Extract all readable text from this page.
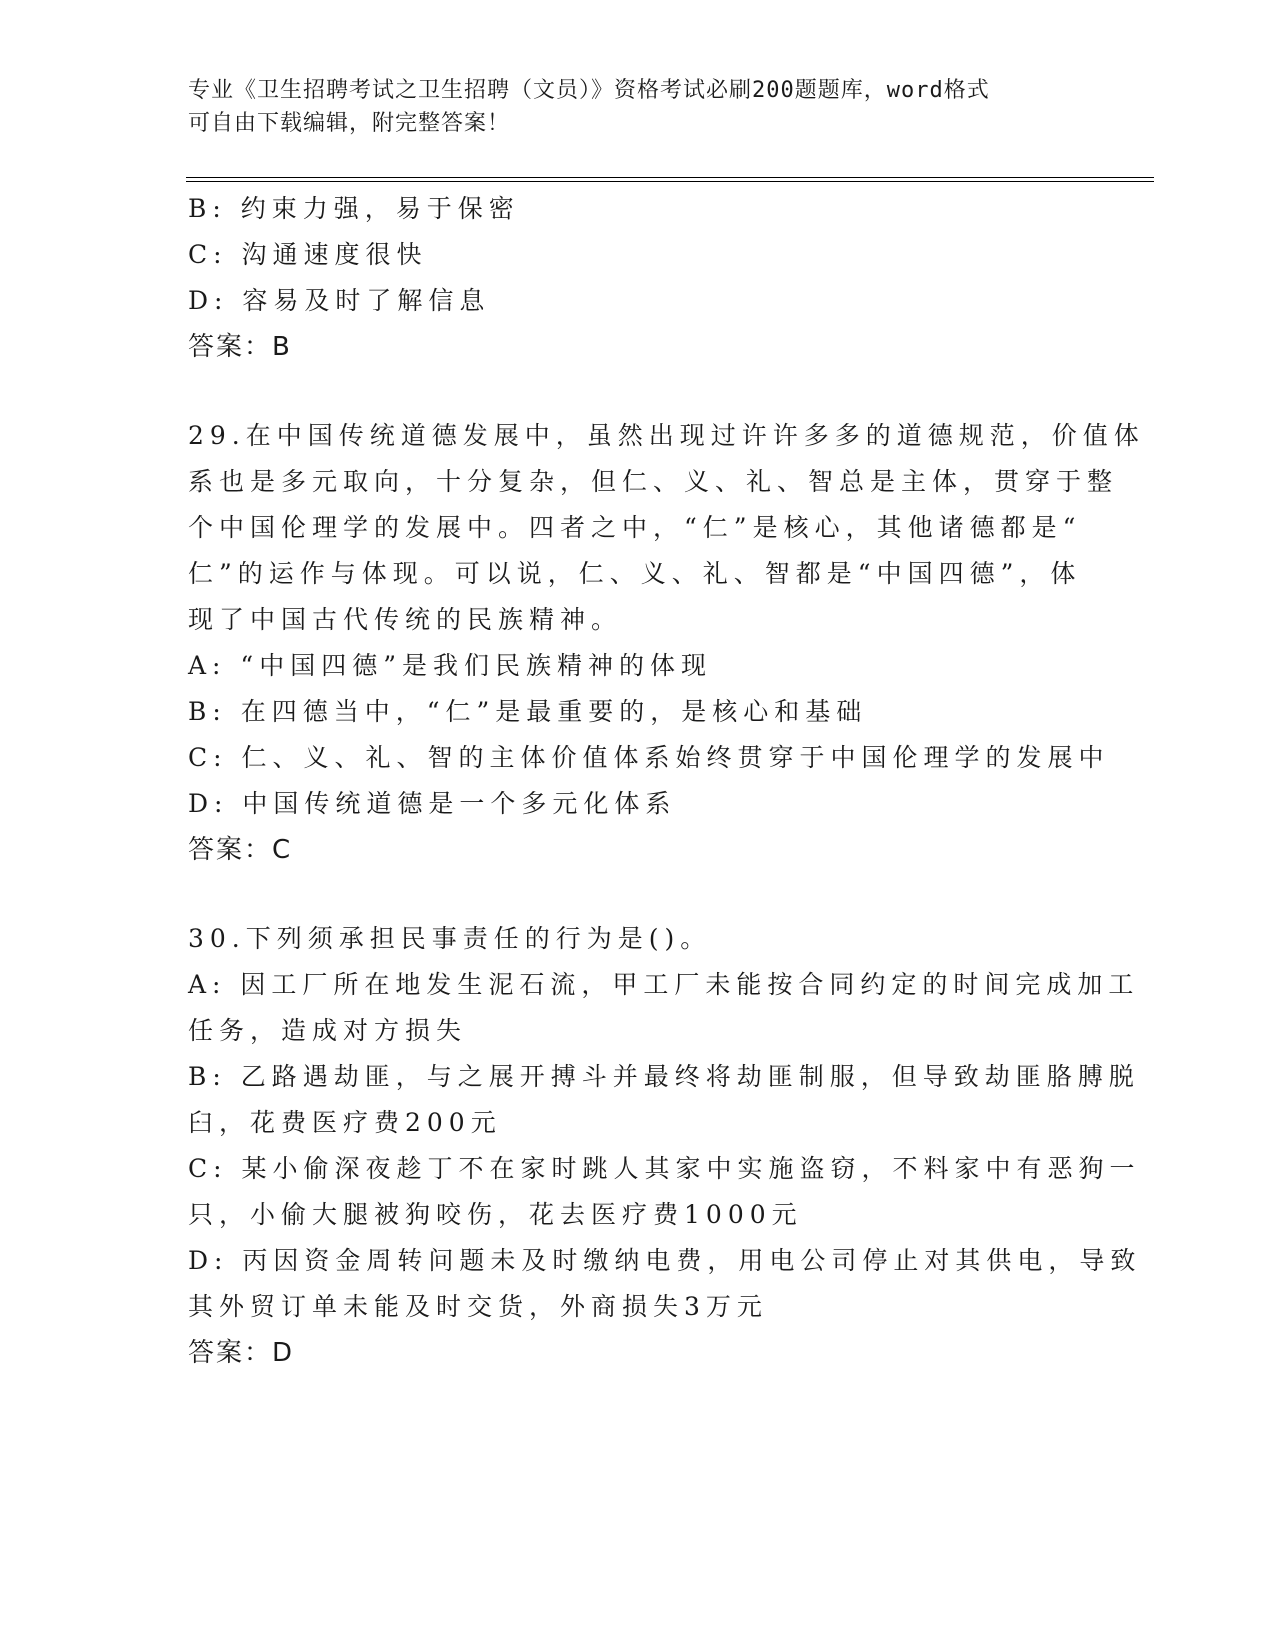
专业《卫生招聘考试之卫生招聘（文员）》资格考试必刷200题题库，word格式
可自由下载编辑，附完整答案！
B: 约束力强，易于保密
C: 沟通速度很快
D: 容易及时了解信息
答案：B
29.在中国传统道德发展中，虽然出现过许许多多的道德规范，价值体
系也是多元取向，十分复杂，但仁、义、礼、智总是主体，贯穿于整
个中国伦理学的发展中。四者之中，“仁”是核心，其他诸德都是“
仁”的运作与体现。可以说，仁、义、礼、智都是“中国四德”，体
现了中国古代传统的民族精神。
A: “中国四德”是我们民族精神的体现
B: 在四德当中，“仁”是最重要的，是核心和基础
C: 仁、义、礼、智的主体价值体系始终贯穿于中国伦理学的发展中
D: 中国传统道德是一个多元化体系
答案：C
30.下列须承担民事责任的行为是()。
A: 因工厂所在地发生泥石流，甲工厂未能按合同约定的时间完成加工
任务，造成对方损失
B: 乙路遇劫匪，与之展开搏斗并最终将劫匪制服，但导致劫匪胳膊脱
臼，花费医疗费200元
C: 某小偷深夜趁丁不在家时跳人其家中实施盗窃，不料家中有恶狗一
只，小偷大腿被狗咬伤，花去医疗费1000元
D: 丙因资金周转问题未及时缴纳电费，用电公司停止对其供电，导致
其外贸订单未能及时交货，外商损失3万元
答案：D
